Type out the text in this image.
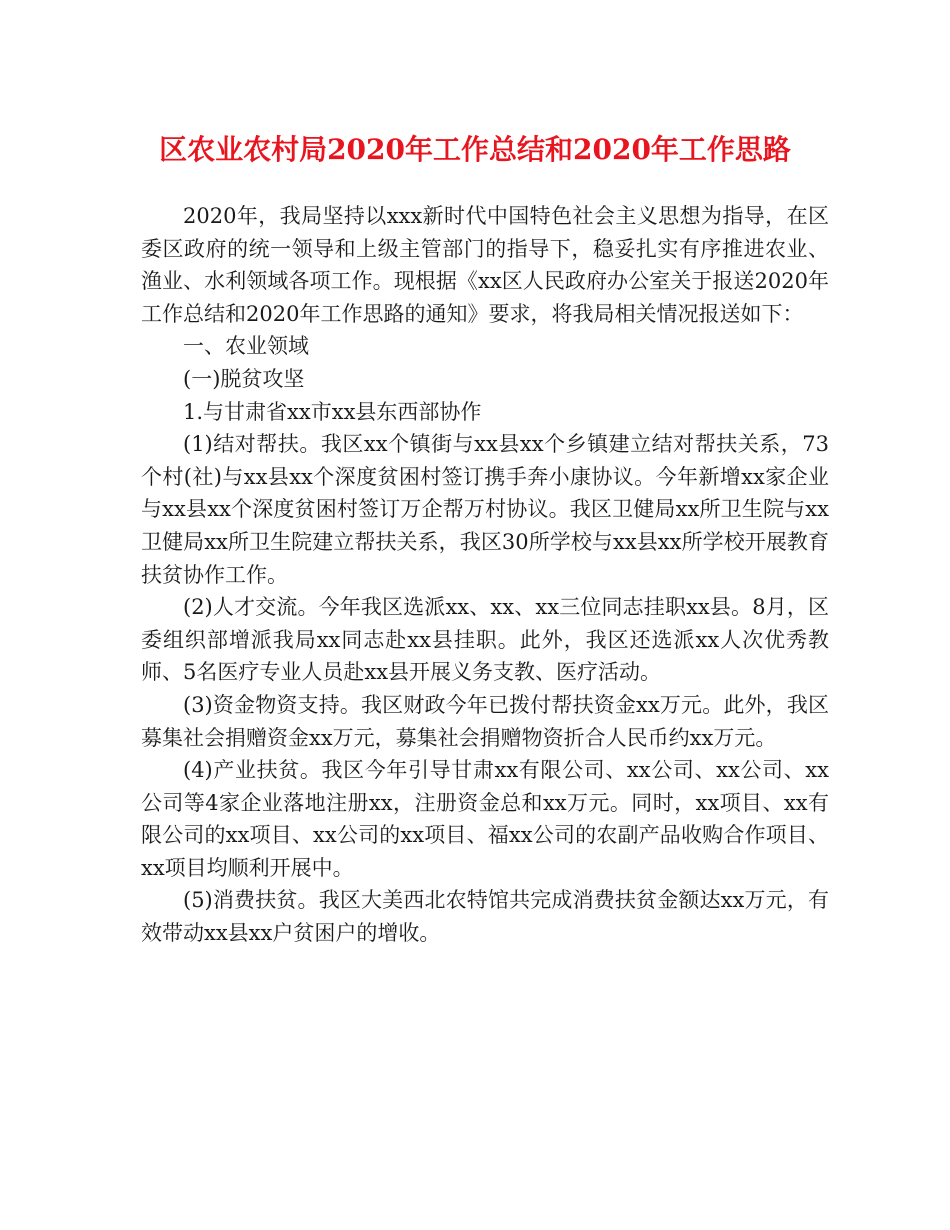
区农业农村局2020年工作总结和2020年工作思路

2020年，我局坚持以xxx新时代中国特色社会主义思想为指导，在区委区政府的统一领导和上级主管部门的指导下，稳妥扎实有序推进农业、渔业、水利领域各项工作。现根据《xx区人民政府办公室关于报送2020年工作总结和2020年工作思路的通知》要求，将我局相关情况报送如下：

一、农业领域

(一)脱贫攻坚

1.与甘肃省xx市xx县东西部协作

(1)结对帮扶。我区xx个镇街与xx县xx个乡镇建立结对帮扶关系，73个村(社)与xx县xx个深度贫困村签订携手奔小康协议。今年新增xx家企业与xx县xx个深度贫困村签订万企帮万村协议。我区卫健局xx所卫生院与xx卫健局xx所卫生院建立帮扶关系，我区30所学校与xx县xx所学校开展教育扶贫协作工作。

(2)人才交流。今年我区选派xx、xx、xx三位同志挂职xx县。8月，区委组织部增派我局xx同志赴xx县挂职。此外，我区还选派xx人次优秀教师、5名医疗专业人员赴xx县开展义务支教、医疗活动。

(3)资金物资支持。我区财政今年已拨付帮扶资金xx万元。此外，我区募集社会捐赠资金xx万元，募集社会捐赠物资折合人民币约xx万元。

(4)产业扶贫。我区今年引导甘肃xx有限公司、xx公司、xx公司、xx公司等4家企业落地注册xx，注册资金总和xx万元。同时，xx项目、xx有限公司的xx项目、xx公司的xx项目、福xx公司的农副产品收购合作项目、xx项目均顺利开展中。

(5)消费扶贫。我区大美西北农特馆共完成消费扶贫金额达xx万元，有效带动xx县xx户贫困户的增收。
